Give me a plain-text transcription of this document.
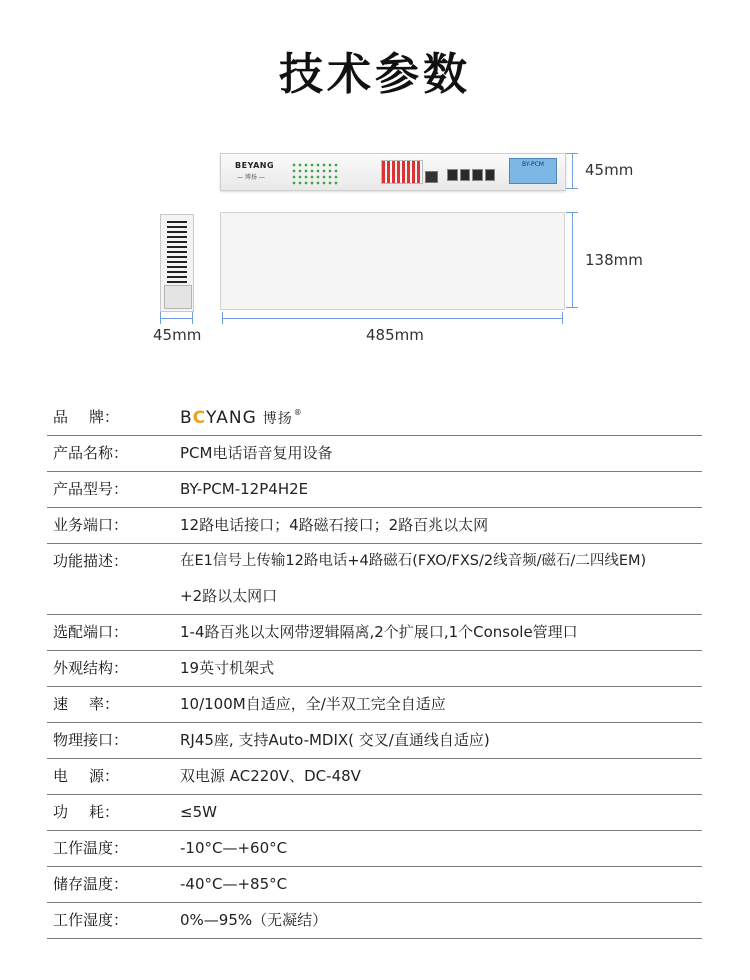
技术参数
BEYANG
— 博扬 —
BY-PCM	45mm
138mm
45mm	485mm
品 牌：	BCYANG 博扬®
产品名称：	PCM电话语音复用设备
产品型号：	BY-PCM-12P4H2E
业务端口：	12路电话接口；4路磁石接口；2路百兆以太网
功能描述：	在E1信号上传输12路电话+4路磁石(FXO/FXS/2线音频/磁石/二四线EM)
+2路以太网口
选配端口：	1-4路百兆以太网带逻辑隔离,2个扩展口,1个Console管理口
外观结构：	19英寸机架式
速 率：	10/100M自适应，全/半双工完全自适应
物理接口：	RJ45座, 支持Auto-MDIX( 交叉/直通线自适应)
电 源：	双电源 AC220V、DC-48V
功 耗：	≤5W
工作温度：	-10°C—+60°C
储存温度：	-40°C—+85°C
工作湿度：	0%—95%（无凝结）
